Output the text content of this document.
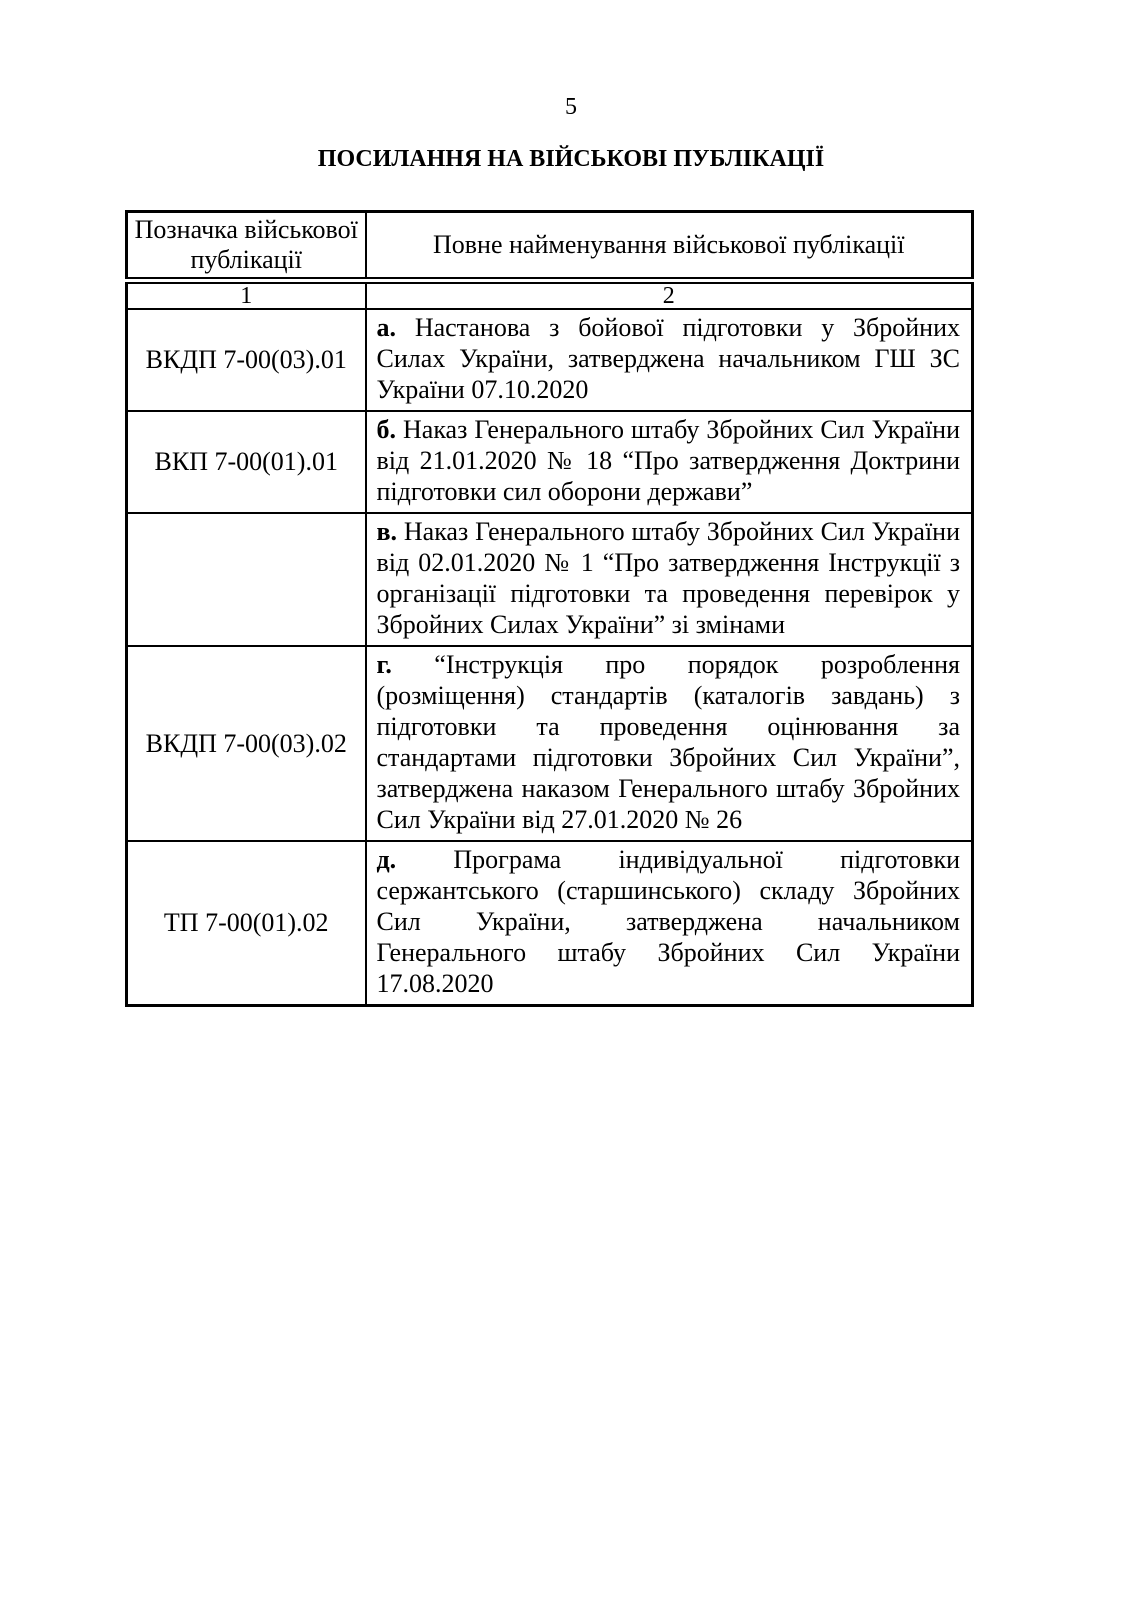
5
ПОСИЛАННЯ НА ВІЙСЬКОВІ ПУБЛІКАЦІЇ
Позначка військової публікації	Повне найменування військової публікації
1	2
ВКДП 7-00(03).01	а. Настанова з бойової підготовки у Збройних Силах України, затверджена начальником ГШ ЗС України 07.10.2020
ВКП 7-00(01).01	б. Наказ Генерального штабу Збройних Сил України від 21.01.2020 № 18 “Про затвердження Доктрини підготовки сил оборони держави”
	в. Наказ Генерального штабу Збройних Сил України від 02.01.2020 № 1 “Про затвердження Інструкції з організації підготовки та проведення перевірок у Збройних Силах України” зі змінами
ВКДП 7-00(03).02	г. “Інструкція про порядок розроблення (розміщення) стандартів (каталогів завдань) з підготовки та проведення оцінювання за стандартами підготовки Збройних Сил України”, затверджена наказом Генерального штабу Збройних Сил України від 27.01.2020 № 26
ТП 7-00(01).02	д. Програма індивідуальної підготовки сержантського (старшинського) складу Збройних Сил України, затверджена начальником Генерального штабу Збройних Сил України 17.08.2020
